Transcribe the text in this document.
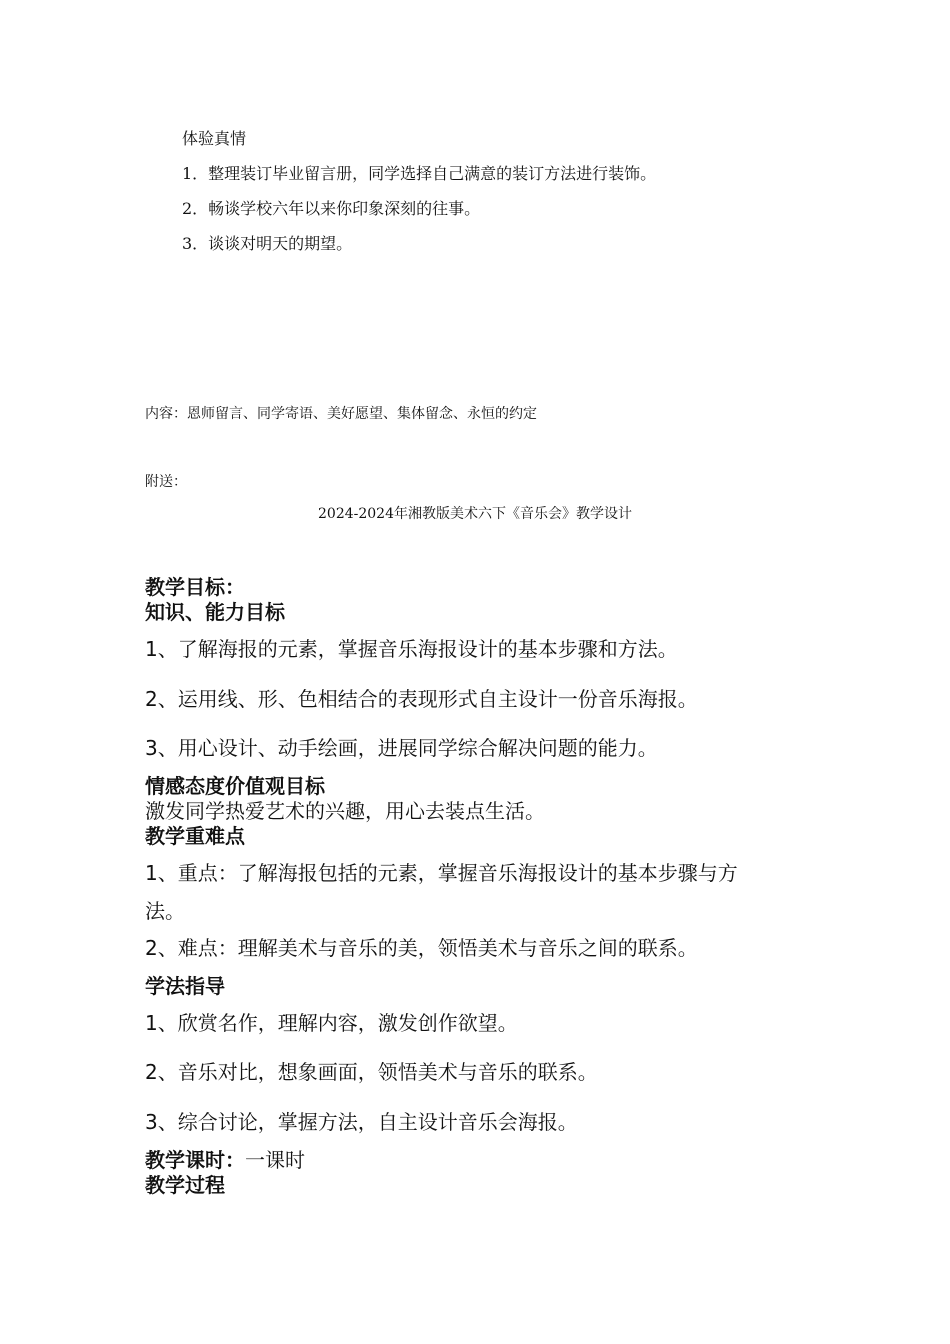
体验真情

1．整理装订毕业留言册，同学选择自己满意的装订方法进行装饰。

2．畅谈学校六年以来你印象深刻的往事。

3．谈谈对明天的期望。

内容：恩师留言、同学寄语、美好愿望、集体留念、永恒的约定

附送：

2024-2024年湘教版美术六下《音乐会》教学设计

教学目标：

知识、能力目标

1、了解海报的元素，掌握音乐海报设计的基本步骤和方法。

2、运用线、形、色相结合的表现形式自主设计一份音乐海报。

3、用心设计、动手绘画，进展同学综合解决问题的能力。

情感态度价值观目标

激发同学热爱艺术的兴趣，用心去装点生活。

教学重难点

1、重点：了解海报包括的元素，掌握音乐海报设计的基本步骤与方

法。

2、难点：理解美术与音乐的美，领悟美术与音乐之间的联系。

学法指导

1、欣赏名作，理解内容，激发创作欲望。

2、音乐对比，想象画面，领悟美术与音乐的联系。

3、综合讨论，掌握方法，自主设计音乐会海报。

教学课时：一课时

教学过程
